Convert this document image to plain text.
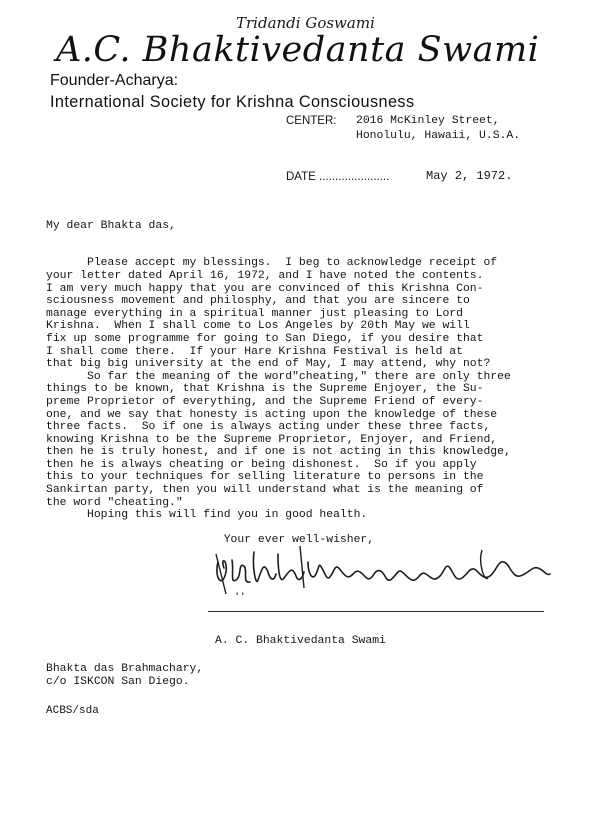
Tridandi Goswami
A.C. Bhaktivedanta Swami
Founder-Acharya:
International Society for Krishna Consciousness
CENTER: 2016 McKinley Street,
Honolulu, Hawaii, U.S.A.
DATE ......................	May 2, 1972.

My dear Bhakta das,

Please accept my blessings.  I beg to acknowledge receipt of
your letter dated April 16, 1972, and I have noted the contents.
I am very much happy that you are convinced of this Krishna Con-
sciousness movement and philosphy, and that you are sincere to
manage everything in a spiritual manner just pleasing to Lord
Krishna.  When I shall come to Los Angeles by 20th May we will
fix up some programme for going to San Diego, if you desire that
I shall come there.  If your Hare Krishna Festival is held at
that big big university at the end of May, I may attend, why not?
So far the meaning of the word"cheating," there are only three
things to be known, that Krishna is the Supreme Enjoyer, the Su-
preme Proprietor of everything, and the Supreme Friend of every-
one, and we say that honesty is acting upon the knowledge of these
three facts.  So if one is always acting under these three facts,
knowing Krishna to be the Supreme Proprietor, Enjoyer, and Friend,
then he is truly honest, and if one is not acting in this knowledge,
then he is always cheating or being dishonest.  So if you apply
this to your techniques for selling literature to persons in the
Sankirtan party, then you will understand what is the meaning of
the word "cheating."
Hoping this will find you in good health.
Your ever well-wisher,

' '
A. C. Bhaktivedanta Swami
Bhakta das Brahmachary,
c/o ISKCON San Diego.
ACBS/sda
